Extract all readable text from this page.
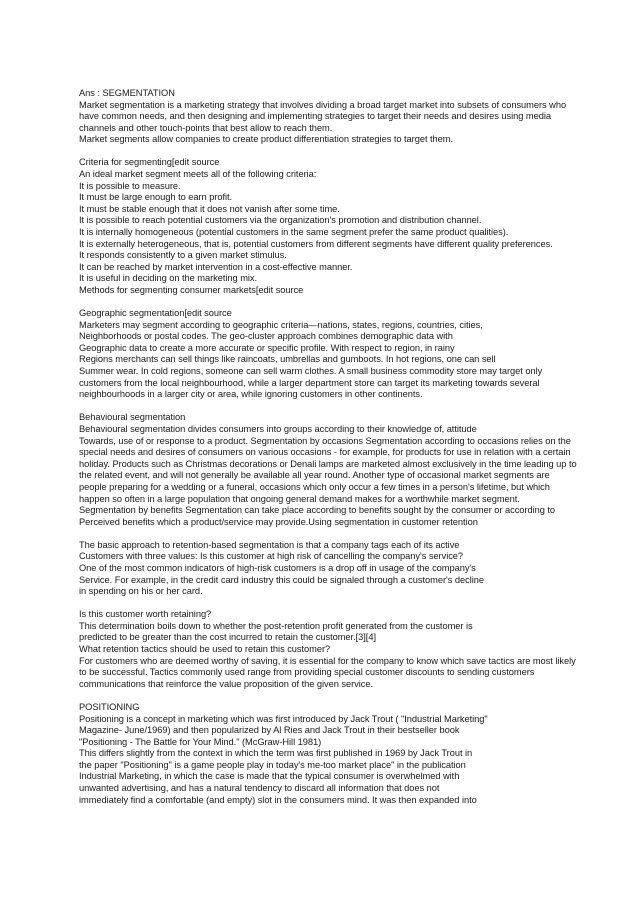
Ans : SEGMENTATION
Market segmentation is a marketing strategy that involves dividing a broad target market into subsets of consumers who
have common needs, and then designing and implementing strategies to target their needs and desires using media
channels and other touch-points that best allow to reach them.
Market segments allow companies to create product differentiation strategies to target them.
Criteria for segmenting[edit source
An ideal market segment meets all of the following criteria:
It is possible to measure.
It must be large enough to earn profit.
It must be stable enough that it does not vanish after some time.
It is possible to reach potential customers via the organization's promotion and distribution channel.
It is internally homogeneous (potential customers in the same segment prefer the same product qualities).
It is externally heterogeneous, that is, potential customers from different segments have different quality preferences.
It responds consistently to a given market stimulus.
It can be reached by market intervention in a cost-effective manner.
It is useful in deciding on the marketing mix.
Methods for segmenting consumer markets[edit source
Geographic segmentation[edit source
Marketers may segment according to geographic criteria—nations, states, regions, countries, cities,
Neighborhoods or postal codes. The geo-cluster approach combines demographic data with
Geographic data to create a more accurate or specific profile. With respect to region, in rainy
Regions merchants can sell things like raincoats, umbrellas and gumboots. In hot regions, one can sell
Summer wear. In cold regions, someone can sell warm clothes. A small business commodity store may target only
customers from the local neighbourhood, while a larger department store can target its marketing towards several
neighbourhoods in a larger city or area, while ignoring customers in other continents.
Behavioural segmentation
Behavioural segmentation divides consumers into groups according to their knowledge of, attitude
Towards, use of or response to a product. Segmentation by occasions Segmentation according to occasions relies on the
special needs and desires of consumers on various occasions - for example, for products for use in relation with a certain
holiday. Products such as Christmas decorations or Denali lamps are marketed almost exclusively in the time leading up to
the related event, and will not generally be available all year round. Another type of occasional market segments are
people preparing for a wedding or a funeral, occasions which only occur a few times in a person's lifetime, but which
happen so often in a large population that ongoing general demand makes for a worthwhile market segment.
Segmentation by benefits Segmentation can take place according to benefits sought by the consumer or according to
Perceived benefits which a product/service may provide.Using segmentation in customer retention
The basic approach to retention-based segmentation is that a company tags each of its active
Customers with three values: Is this customer at high risk of cancelling the company's service?
One of the most common indicators of high-risk customers is a drop off in usage of the company's
Service. For example, in the credit card industry this could be signaled through a customer's decline
in spending on his or her card.
Is this customer worth retaining?
This determination boils down to whether the post-retention profit generated from the customer is
predicted to be greater than the cost incurred to retain the customer.[3][4]
What retention tactics should be used to retain this customer?
For customers who are deemed worthy of saving, it is essential for the company to know which save tactics are most likely
to be successful. Tactics commonly used range from providing special customer discounts to sending customers
communications that reinforce the value proposition of the given service.
POSITIONING
Positioning is a concept in marketing which was first introduced by Jack Trout ( "Industrial Marketing"
Magazine- June/1969) and then popularized by Al Ries and Jack Trout in their bestseller book
"Positioning - The Battle for Your Mind." (McGraw-Hill 1981)
This differs slightly from the context in which the term was first published in 1969 by Jack Trout in
the paper "Positioning" is a game people play in today's me-too market place" in the publication
Industrial Marketing, in which the case is made that the typical consumer is overwhelmed with
unwanted advertising, and has a natural tendency to discard all information that does not
immediately find a comfortable (and empty) slot in the consumers mind. It was then expanded into
